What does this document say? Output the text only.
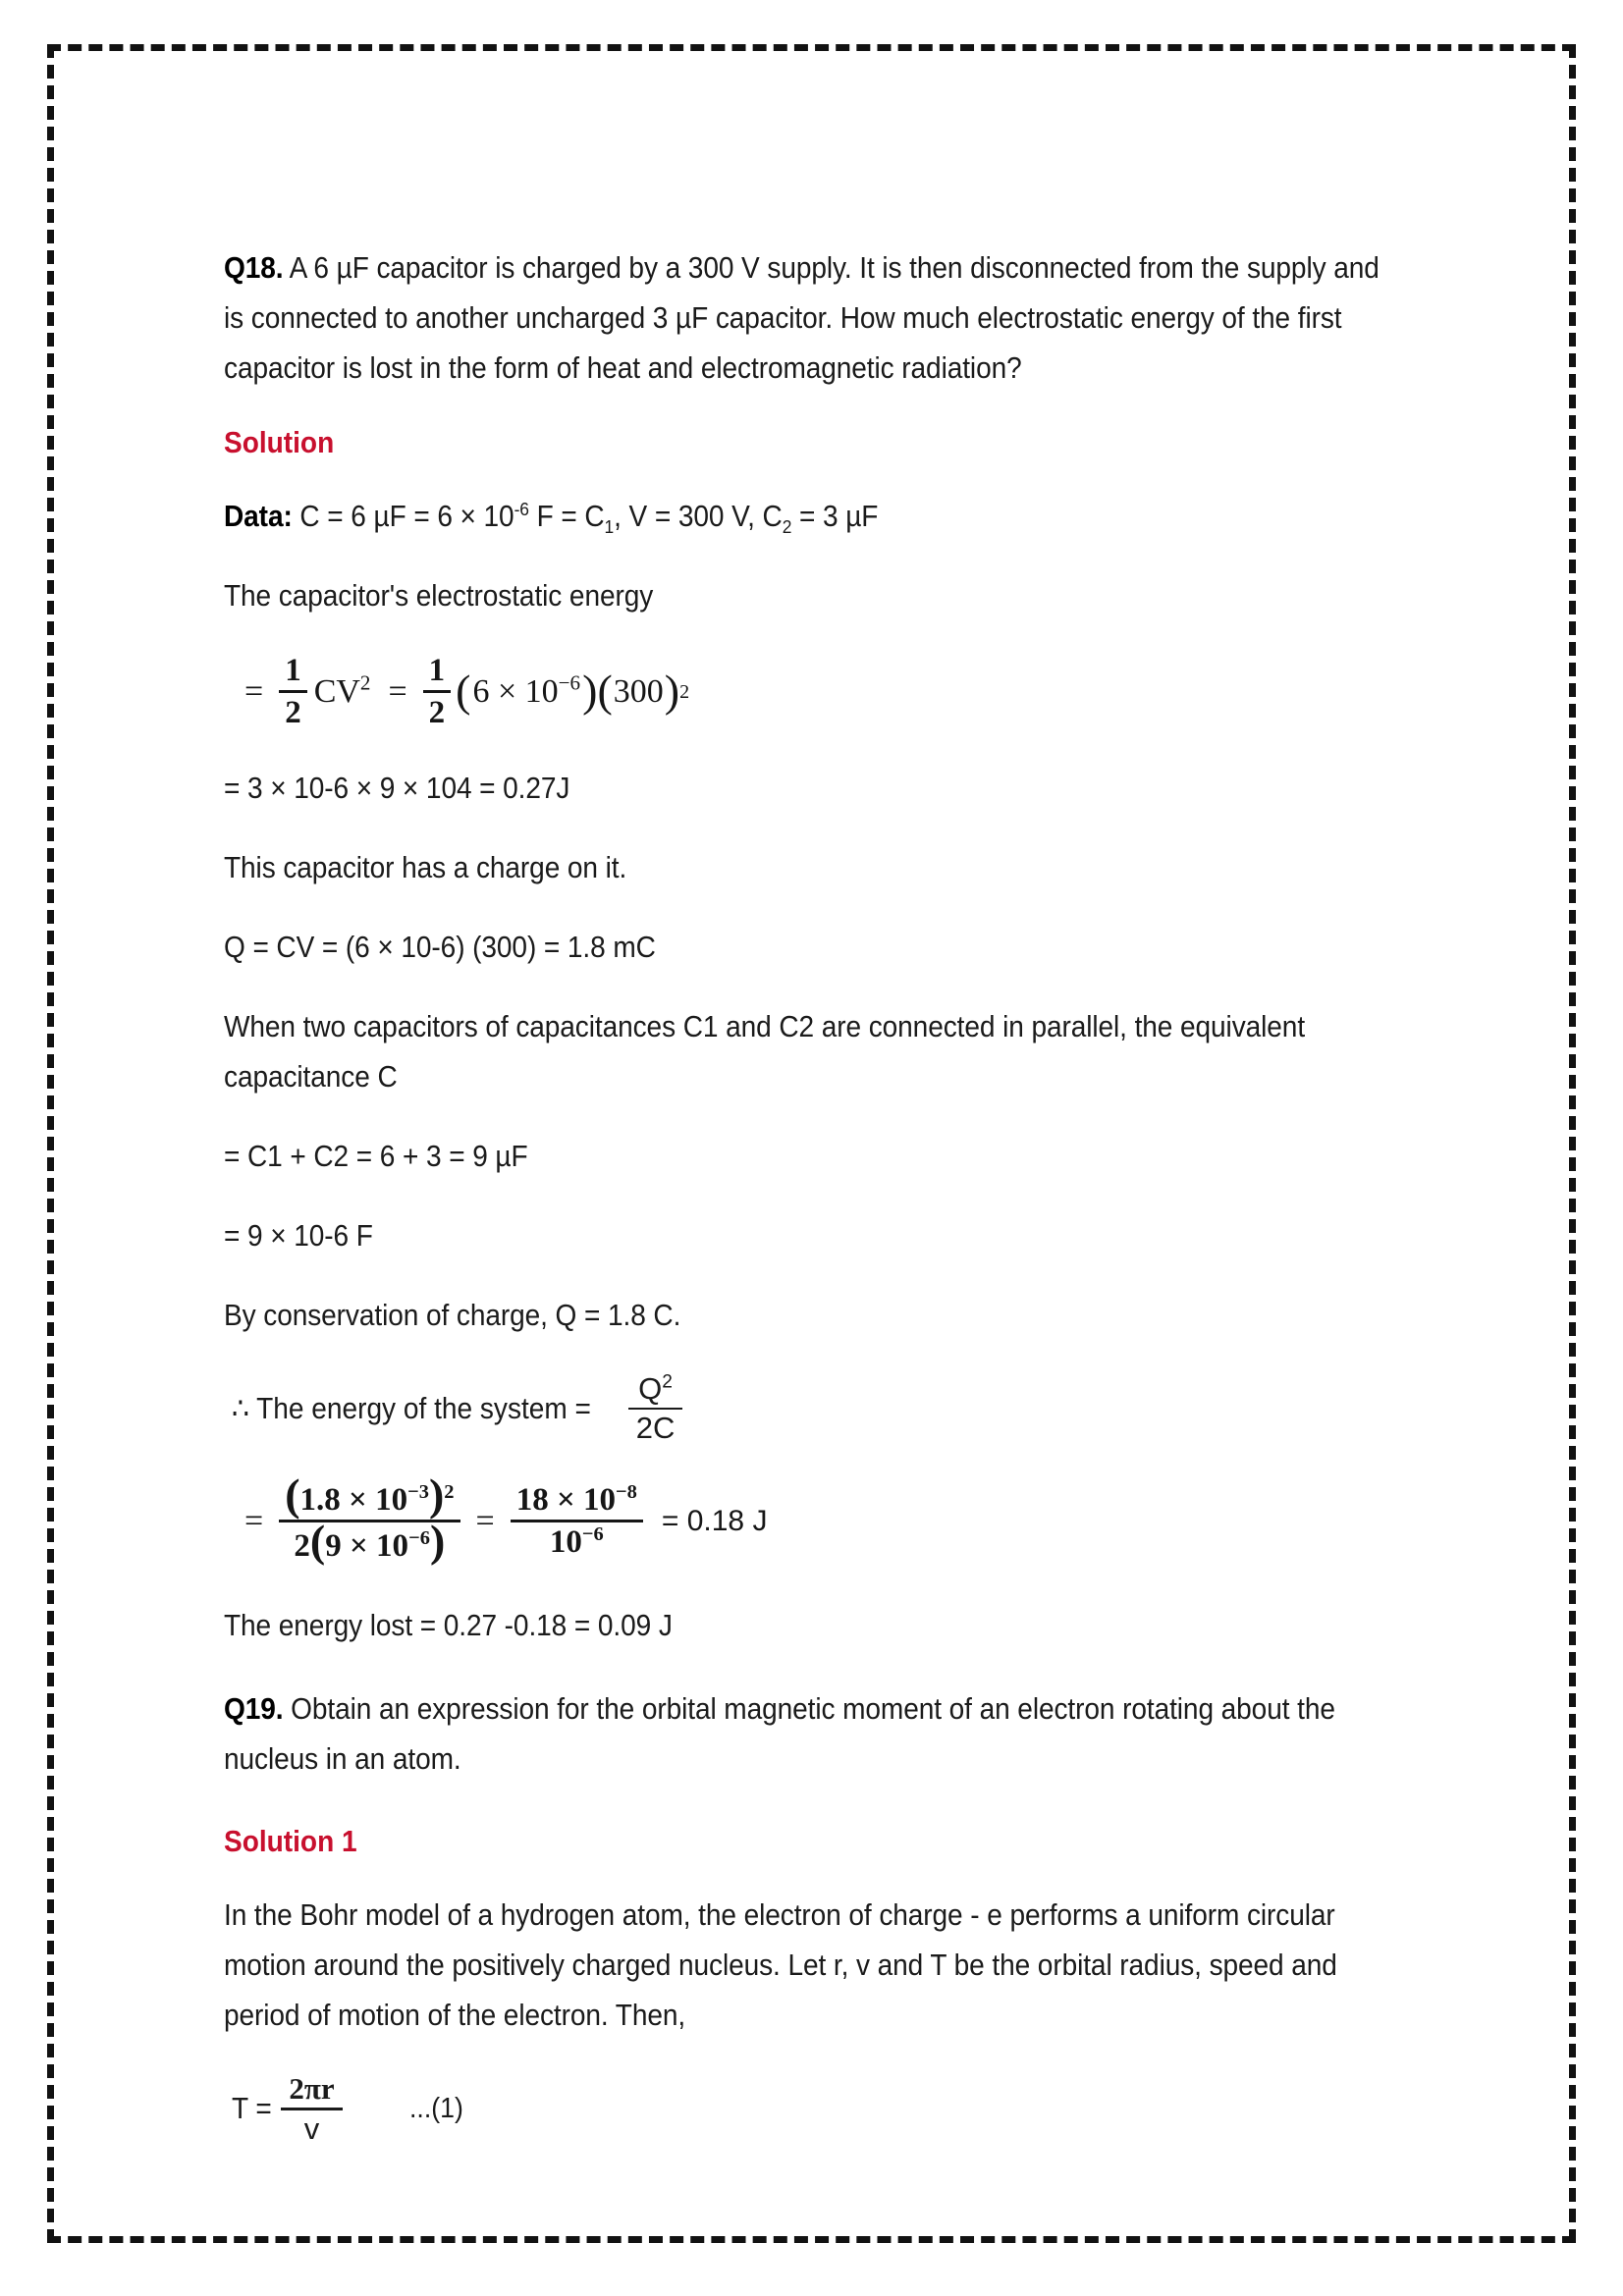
Q18. A 6 µF capacitor is charged by a 300 V supply. It is then disconnected from the supply and is connected to another uncharged 3 µF capacitor. How much electrostatic energy of the first capacitor is lost in the form of heat and electromagnetic radiation?

Solution

Data: C = 6 $\mu F = 6 \times 10^{-6}$ $F = C_1$, V = 300 V, $C_2 = 3$ µF

The capacitor's electrostatic energy

= $\frac{1}{2} CV^2 = \frac{1}{2}$ ( $6 \times 10^{-6}$ ) ( 300 ) 2

= 3 × 10-6 × 9 × 104 = 0.27J

This capacitor has a charge on it.

Q = CV = (6 × 10-6) (300) = 1.8 mC

When two capacitors of capacitances C1 and C2 are connected in parallel, the equivalent capacitance C

= C1 + C2 = 6 + 3 = 9 µF

= 9 × 10-6 F

By conservation of charge, Q = 1.8 C.

∴ The energy of the system = $\frac{Q^2}{2C}$
= $\frac{(1.8 \times 10^{-3})^2}{2(9 \times 10^{-6})} = \frac{18 \times 10^{-8}}{10^{-6}} = 0.18$ J

The energy lost = 0.27 -0.18 = 0.09 J

Q19. Obtain an expression for the orbital magnetic moment of an electron rotating about the nucleus in an atom.

Solution 1

In the Bohr model of a hydrogen atom, the electron of charge - e performs a uniform circular motion around the positively charged nucleus. Let r, v and T be the orbital radius, speed and period of motion of the electron. Then,

$T = \frac{2\pi r}{v} ...(1)$
